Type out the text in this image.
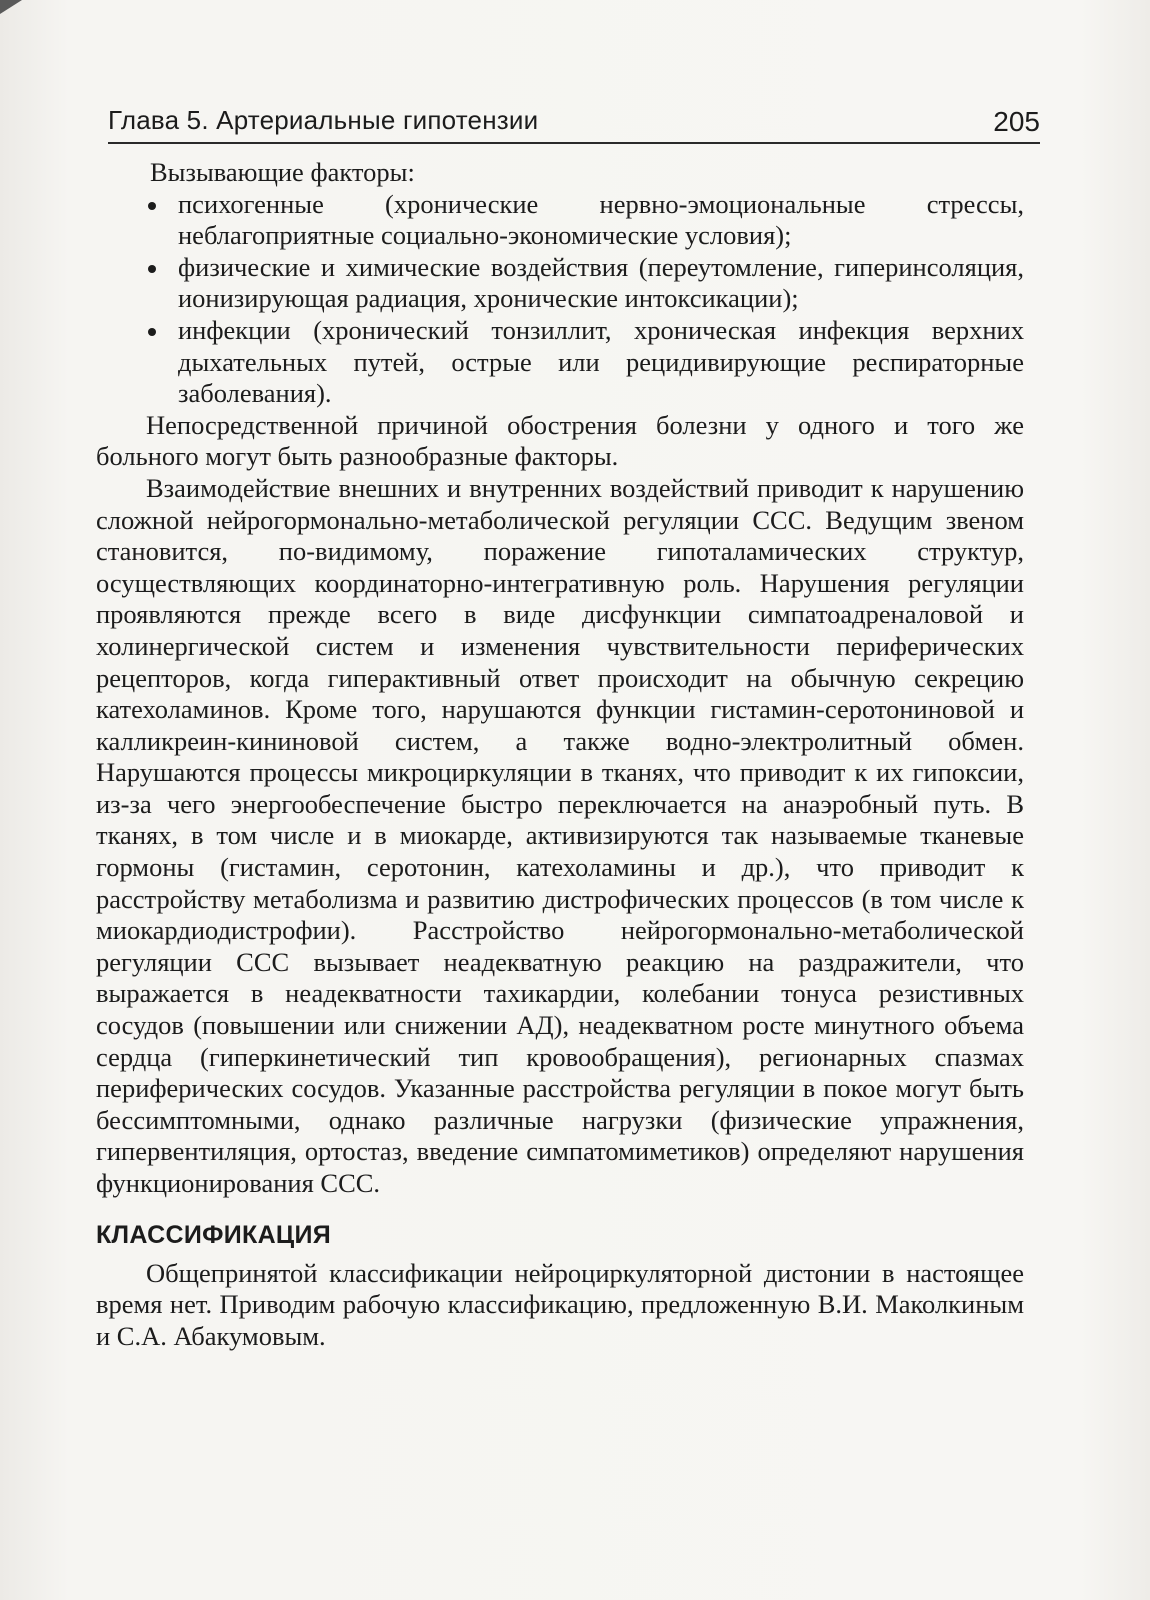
Глава 5. Артериальные гипотензии	205

Вызывающие факторы:

психогенные (хронические нервно-эмоциональные стрессы, неблагоприятные социально-экономические условия);
физические и химические воздействия (переутомление, гиперинсоляция, ионизирующая радиация, хронические интоксикации);
инфекции (хронический тонзиллит, хроническая инфекция верхних дыхательных путей, острые или рецидивирующие респираторные заболевания).

Непосредственной причиной обострения болезни у одного и того же больного могут быть разнообразные факторы.

Взаимодействие внешних и внутренних воздействий приводит к нарушению сложной нейрогормонально-метаболической регуляции ССС. Ведущим звеном становится, по-видимому, поражение гипоталамических структур, осуществляющих координаторно-интегративную роль. Нарушения регуляции проявляются прежде всего в виде дисфункции симпатоадреналовой и холинергической систем и изменения чувствительности периферических рецепторов, когда гиперактивный ответ происходит на обычную секрецию катехоламинов. Кроме того, нарушаются функции гистамин-серотониновой и калликреин-кининовой систем, а также водно-электролитный обмен. Нарушаются процессы микроциркуляции в тканях, что приводит к их гипоксии, из-за чего энергообеспечение быстро переключается на анаэробный путь. В тканях, в том числе и в миокарде, активизируются так называемые тканевые гормоны (гистамин, серотонин, катехоламины и др.), что приводит к расстройству метаболизма и развитию дистрофических процессов (в том числе к миокардиодистрофии). Расстройство нейрогормонально-метаболической регуляции ССС вызывает неадекватную реакцию на раздражители, что выражается в неадекватности тахикардии, колебании тонуса резистивных сосудов (повышении или снижении АД), неадекватном росте минутного объема сердца (гиперкинетический тип кровообращения), регионарных спазмах периферических сосудов. Указанные расстройства регуляции в покое могут быть бессимптомными, однако различные нагрузки (физические упражнения, гипервентиляция, ортостаз, введение симпатомиметиков) определяют нарушения функционирования ССС.

КЛАССИФИКАЦИЯ

Общепринятой классификации нейроциркуляторной дистонии в настоящее время нет. Приводим рабочую классификацию, предложенную В.И. Маколкиным и С.А. Абакумовым.
